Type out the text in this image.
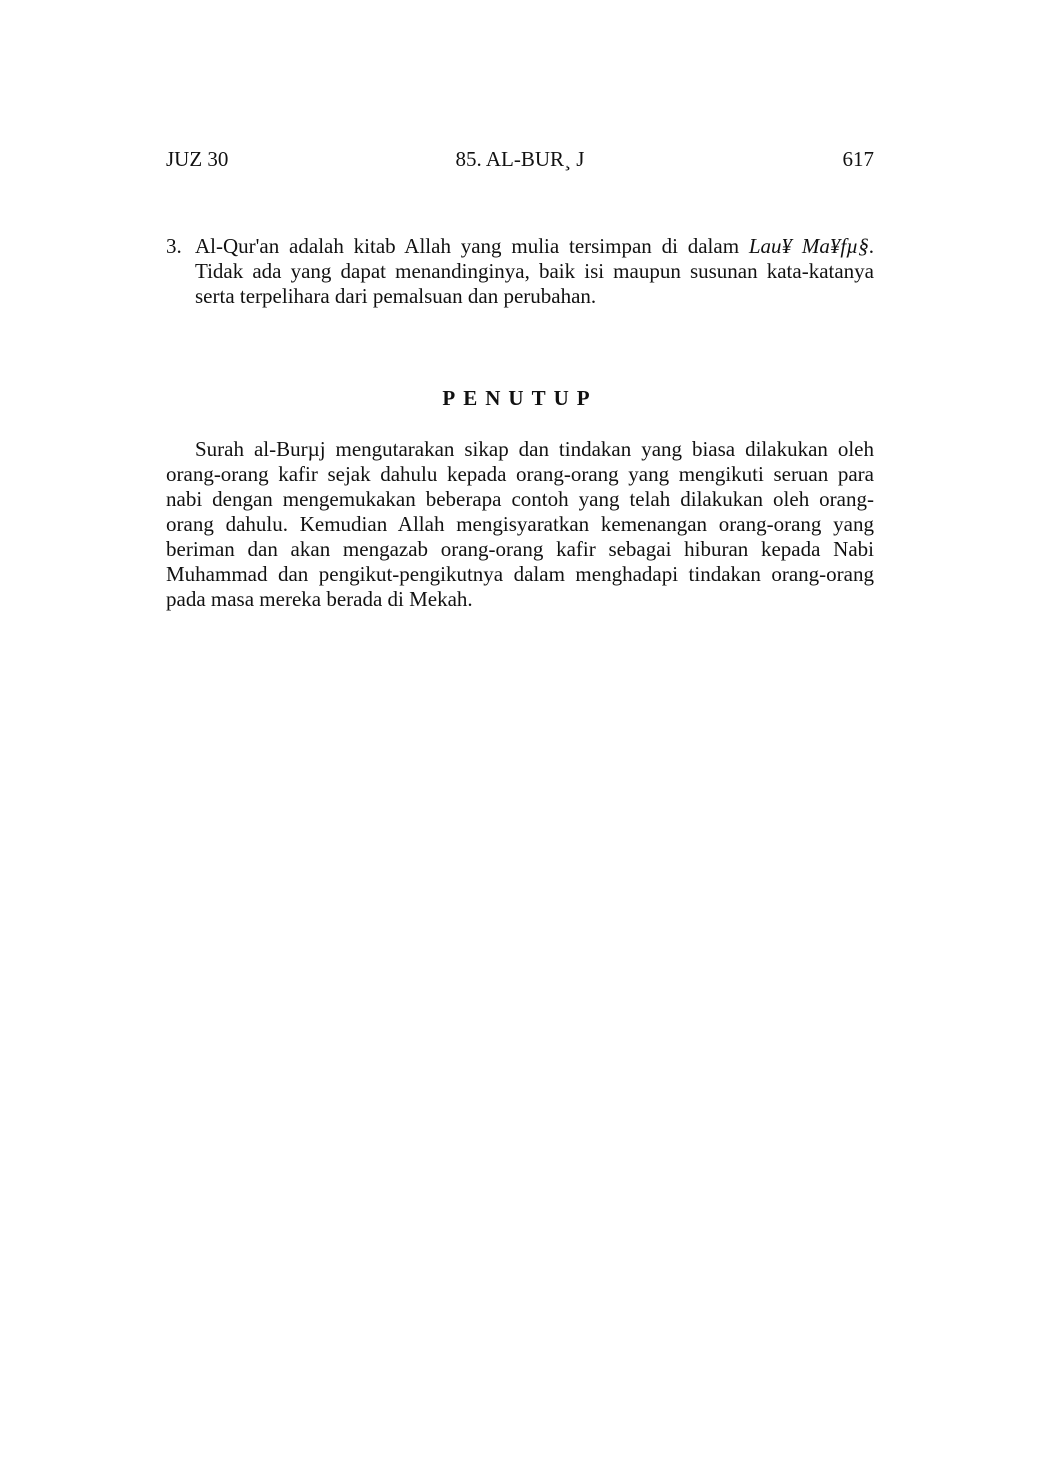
JUZ 30	85. AL-BUR¸ J	617
3. Al-Qur'an adalah kitab Allah yang mulia tersimpan di dalam Lau¥ Ma¥fµ§. Tidak ada yang dapat menandinginya, baik isi maupun susunan kata-katanya serta terpelihara dari pemalsuan dan perubahan.
PENUTUP
Surah al-Burµj mengutarakan sikap dan tindakan yang biasa dilakukan oleh orang-orang kafir sejak dahulu kepada orang-orang yang mengikuti seruan para nabi dengan mengemukakan beberapa contoh yang telah dilakukan oleh orang-orang dahulu. Kemudian Allah mengisyaratkan kemenangan orang-orang yang beriman dan akan mengazab orang-orang kafir sebagai hiburan kepada Nabi Muhammad dan pengikut-pengikutnya dalam menghadapi tindakan orang-orang pada masa mereka berada di Mekah.
